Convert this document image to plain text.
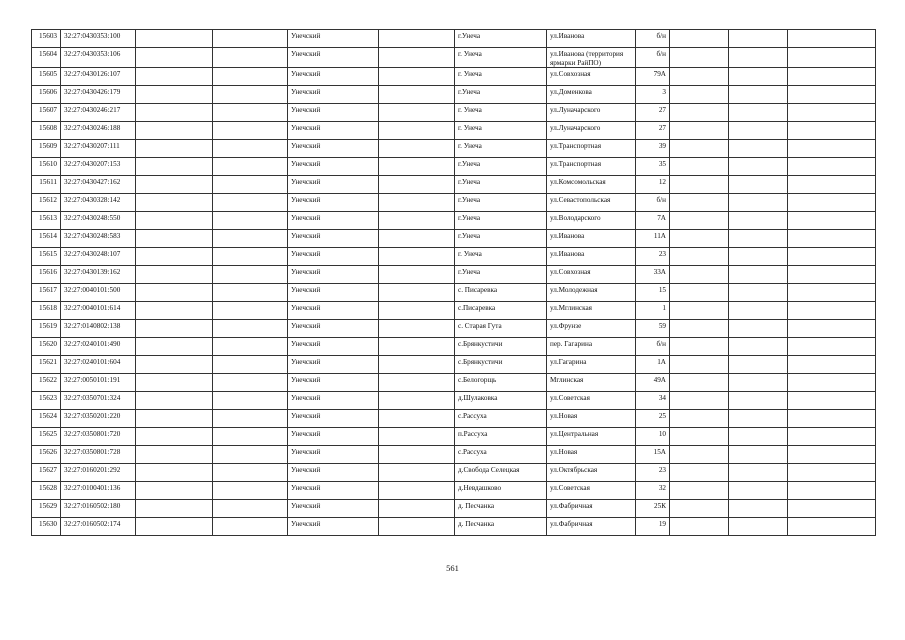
15603	32:27:0430353:100			Унечский		г.Унеча	ул.Иванова	б/н			
15604	32:27:0430353:106			Унечский		г. Унеча	ул.Иванова (территория ярмарки РайПО)	б/н			
15605	32:27:0430126:107			Унечский		г. Унеча	ул.Совхозная	79А			
15606	32:27:0430426:179			Унечский		г.Унеча	ул.Доменкова	3			
15607	32:27:0430246:217			Унечский		г. Унеча	ул.Луначарского	27			
15608	32:27:0430246:188			Унечский		г. Унеча	ул.Луначарского	27			
15609	32:27:0430207:111			Унечский		г. Унеча	ул.Транспортная	39			
15610	32:27:0430207:153			Унечский		г.Унеча	ул.Транспортная	35			
15611	32:27:0430427:162			Унечский		г.Унеча	ул.Комсомольская	12			
15612	32:27:0430328:142			Унечский		г.Унеча	ул.Севастопольская	б/н			
15613	32:27:0430248:550			Унечский		г.Унеча	ул.Володарского	7А			
15614	32:27:0430248:583			Унечский		г.Унеча	ул.Иванова	11А			
15615	32:27:0430248:107			Унечский		г. Унеча	ул.Иванова	23			
15616	32:27:0430139:162			Унечский		г.Унеча	ул.Совхозная	33А			
15617	32:27:0040101:500			Унечский		с. Писаревка	ул.Молодежная	15			
15618	32:27:0040101:614			Унечский		с.Писаревка	ул.Мглинская	1			
15619	32:27:0140802:138			Унечский		с. Старая Гута	ул.Фрунзе	59			
15620	32:27:0240101:490			Унечский		с.Брянкустичи	пер. Гагарина	б/н			
15621	32:27:0240101:604			Унечский		с.Брянкустичи	ул.Гагарина	1А			
15622	32:27:0050101:191			Унечский		с.Белогорщь	Мглинская	49А			
15623	32:27:0350701:324			Унечский		д.Шулаковка	ул.Советская	34			
15624	32:27:0350201:220			Унечский		с.Рассуха	ул.Новая	25			
15625	32:27:0350801:720			Унечский		п.Рассуха	ул.Центральная	10			
15626	32:27:0350801:728			Унечский		с.Рассуха	ул.Новая	15А			
15627	32:27:0160201:292			Унечский		д.Свобода Селецкая	ул.Октябрьская	23			
15628	32:27:0100401:136			Унечский		д.Невдашково	ул.Советская	32			
15629	32:27:0160502:180			Унечский		д. Песчанка	ул.Фабричная	25К			
15630	32:27:0160502:174			Унечский		д. Песчанка	ул.Фабричная	19			
561
